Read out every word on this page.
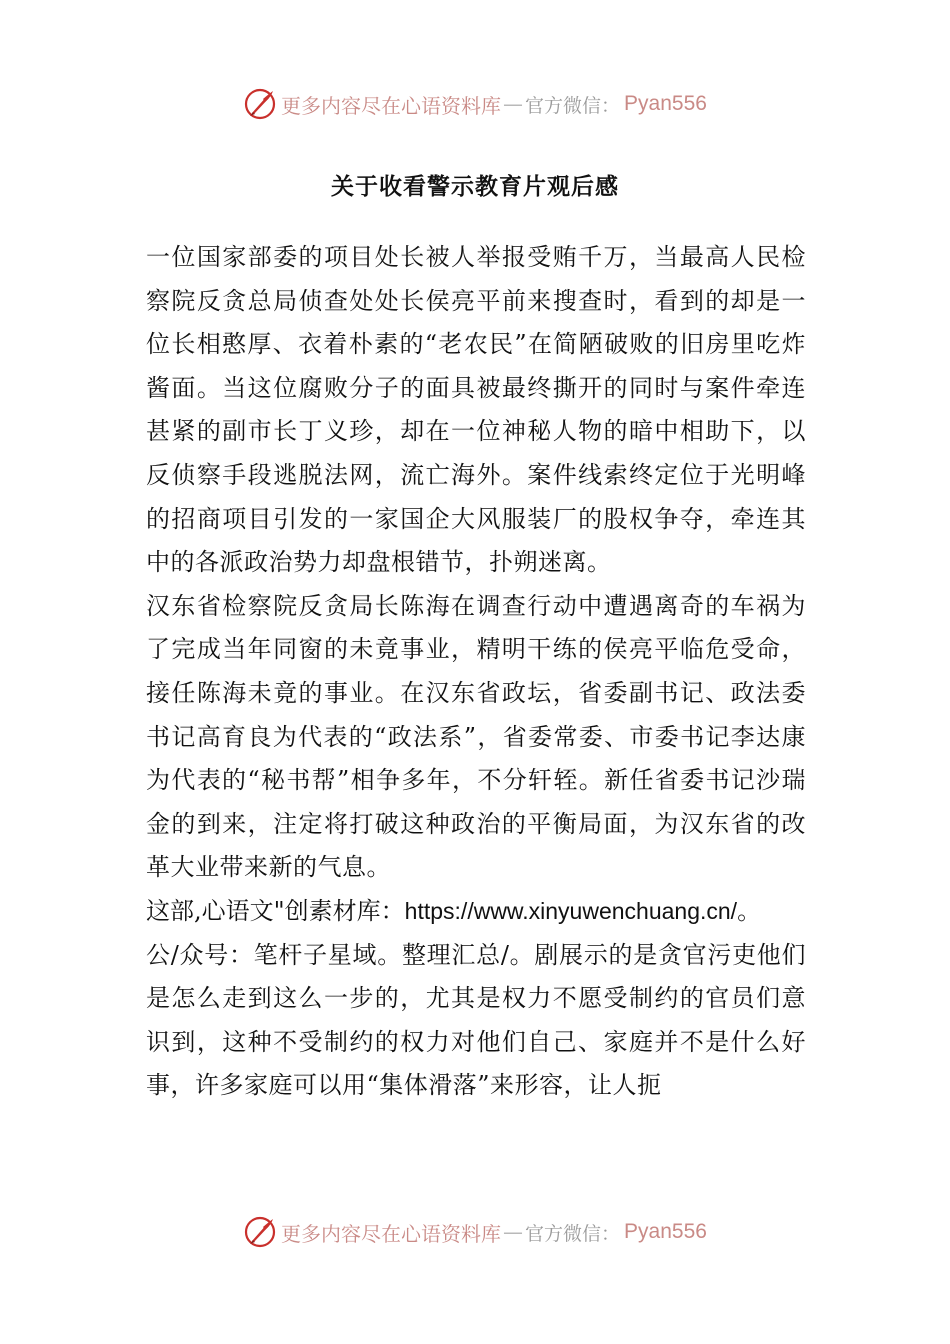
更多内容尽在心语资料库 — 官方微信： Pyan556
关于收看警示教育片观后感

一位国家部委的项目处长被人举报受贿千万，当最高人民检察院反贪总局侦查处处长侯亮平前来搜查时，看到的却是一位长相憨厚、衣着朴素的“老农民”在简陋破败的旧房里吃炸酱面。当这位腐败分子的面具被最终撕开的同时与案件牵连甚紧的副市长丁义珍，却在一位神秘人物的暗中相助下，以反侦察手段逃脱法网，流亡海外。案件线索终定位于光明峰的招商项目引发的一家国企大风服装厂的股权争夺，牵连其中的各派政治势力却盘根错节，扑朔迷离。

汉东省检察院反贪局长陈海在调查行动中遭遇离奇的车祸为了完成当年同窗的未竟事业，精明干练的侯亮平临危受命，接任陈海未竟的事业。在汉东省政坛，省委副书记、政法委书记高育良为代表的“政法系”，省委常委、市委书记李达康为代表的“秘书帮”相争多年，不分轩轾。新任省委书记沙瑞金的到来，注定将打破这种政治的平衡局面，为汉东省的改革大业带来新的气息。

这部,心语文"创素材库：https://www.xinyuwenchuang.cn/。

公/众号：笔杆子星域。整理汇总/。剧展示的是贪官污吏他们是怎么走到这么一步的，尤其是权力不愿受制约的官员们意识到，这种不受制约的权力对他们自己、家庭并不是什么好事，许多家庭可以用“集体滑落”来形容，让人扼

更多内容尽在心语资料库 — 官方微信： Pyan556
